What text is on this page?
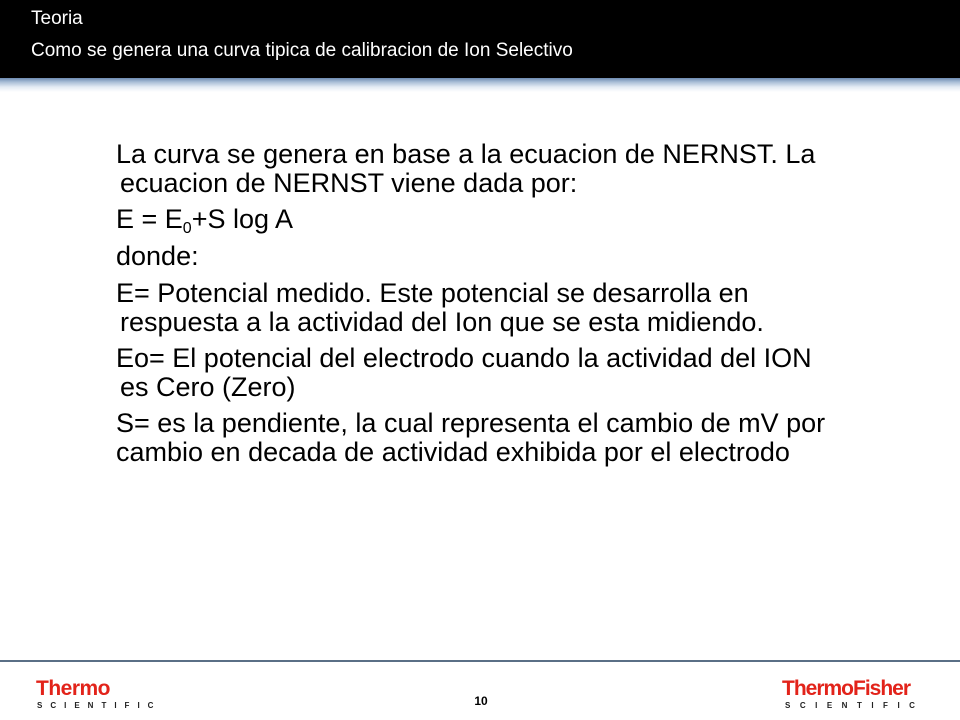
Teoria
Como se genera una curva tipica de calibracion de Ion Selectivo
La curva se genera en base a la ecuacion de NERNST. La
ecuacion de NERNST viene dada por:
$E = E_0+S$ log A
donde:
E= Potencial medido. Este potencial se desarrolla en
respuesta a la actividad del Ion que se esta midiendo.
Eo= El potencial del electrodo cuando la actividad del ION
es Cero (Zero)
S= es la pendiente, la cual representa el cambio de mV por
cambio en decada de actividad exhibida por el electrodo
Thermo
SCIENTIFIC	10
ThermoFisher
SCIENTIFIC
